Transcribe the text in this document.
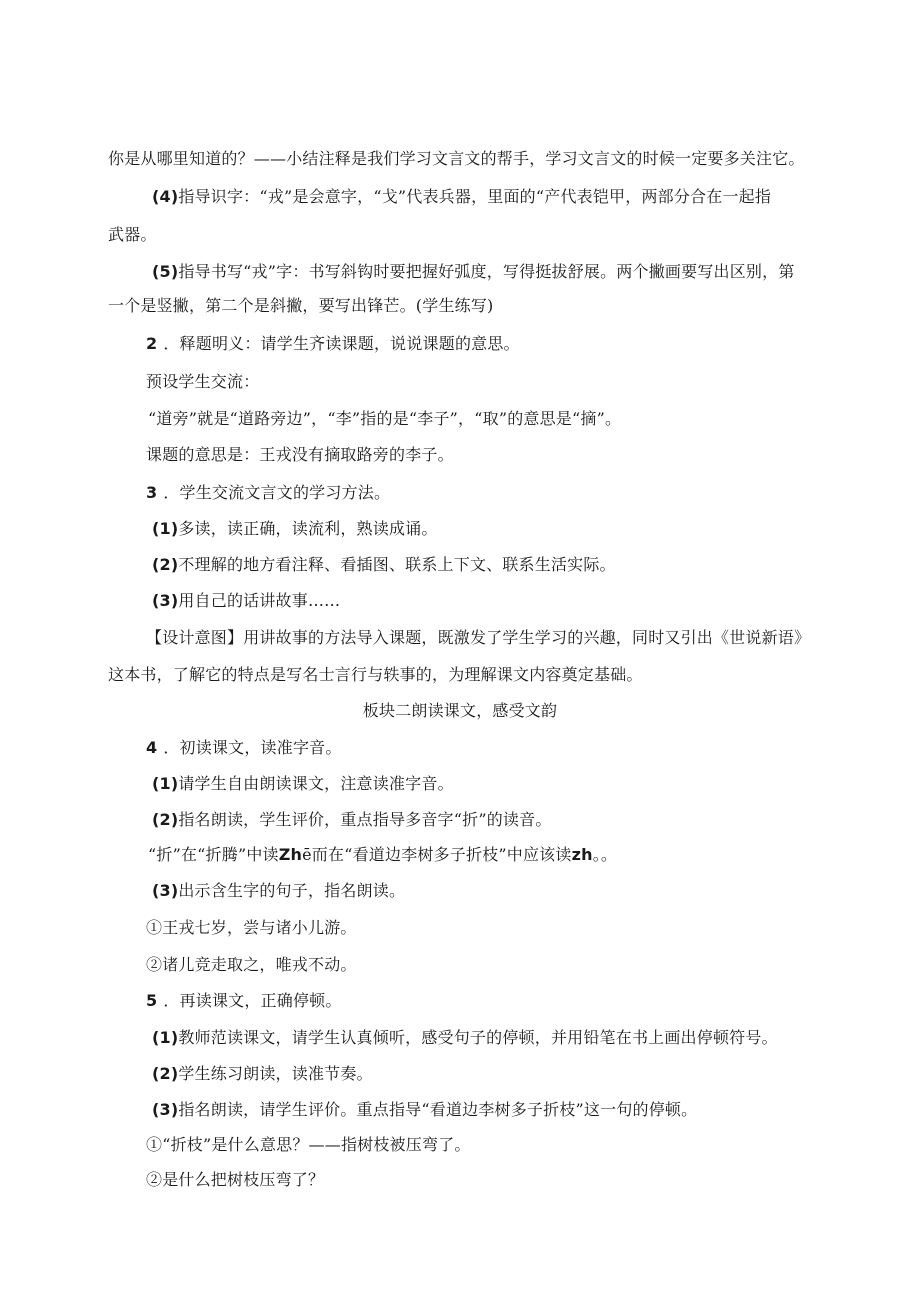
你是从哪里知道的？——小结注释是我们学习文言文的帮手，学习文言文的时候一定要多关注它。
(4)指导识字：“戎”是会意字，“戈”代表兵器，里面的“产代表铠甲，两部分合在一起指
武器。
(5)指导书写“戎”字：书写斜钩时要把握好弧度，写得挺拔舒展。两个撇画要写出区别，第
一个是竖撇，第二个是斜撇，要写出锋芒。(学生练写)
2 ．释题明义：请学生齐读课题，说说课题的意思。
预设学生交流：
“道旁”就是“道路旁边”，“李”指的是“李子”，“取”的意思是“摘”。
课题的意思是：王戎没有摘取路旁的李子。
3 ．学生交流文言文的学习方法。
(1)多读，读正确，读流利，熟读成诵。
(2)不理解的地方看注释、看插图、联系上下文、联系生活实际。
(3)用自己的话讲故事……
【设计意图】用讲故事的方法导入课题，既激发了学生学习的兴趣，同时又引出《世说新语》
这本书，了解它的特点是写名士言行与轶事的，为理解课文内容奠定基础。
板块二朗读课文，感受文韵
4 ．初读课文，读准字音。
(1)请学生自由朗读课文，注意读准字音。
(2)指名朗读，学生评价，重点指导多音字“折”的读音。
“折”在“折腾”中读Zhē而在“看道边李树多子折枝”中应该读zh。。
(3)出示含生字的句子，指名朗读。
①王戎七岁，尝与诸小儿游。
②诸儿竞走取之，唯戎不动。
5 ．再读课文，正确停顿。
(1)教师范读课文，请学生认真倾听，感受句子的停顿，并用铅笔在书上画出停顿符号。
(2)学生练习朗读，读准节奏。
(3)指名朗读，请学生评价。重点指导“看道边李树多子折枝”这一句的停顿。
①“折枝”是什么意思？——指树枝被压弯了。
②是什么把树枝压弯了？
